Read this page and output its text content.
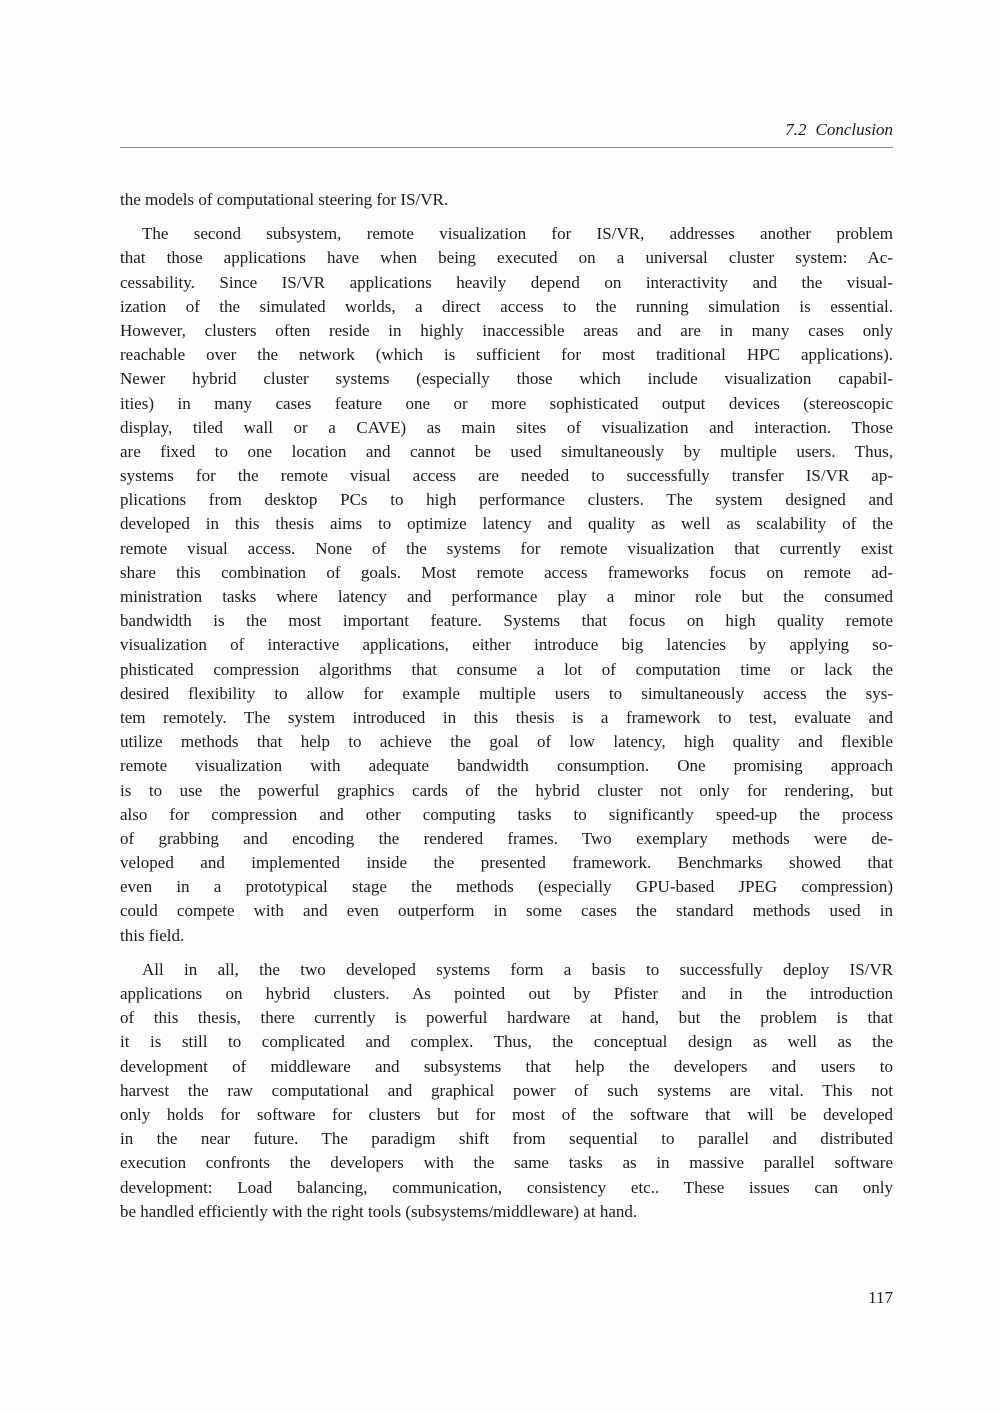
7.2 Conclusion
the models of computational steering for IS/VR.
The second subsystem, remote visualization for IS/VR, addresses another problem
that those applications have when being executed on a universal cluster system: Ac-
cessability. Since IS/VR applications heavily depend on interactivity and the visual-
ization of the simulated worlds, a direct access to the running simulation is essential.
However, clusters often reside in highly inaccessible areas and are in many cases only
reachable over the network (which is sufficient for most traditional HPC applications).
Newer hybrid cluster systems (especially those which include visualization capabil-
ities) in many cases feature one or more sophisticated output devices (stereoscopic
display, tiled wall or a CAVE) as main sites of visualization and interaction. Those
are fixed to one location and cannot be used simultaneously by multiple users. Thus,
systems for the remote visual access are needed to successfully transfer IS/VR ap-
plications from desktop PCs to high performance clusters. The system designed and
developed in this thesis aims to optimize latency and quality as well as scalability of the
remote visual access. None of the systems for remote visualization that currently exist
share this combination of goals. Most remote access frameworks focus on remote ad-
ministration tasks where latency and performance play a minor role but the consumed
bandwidth is the most important feature. Systems that focus on high quality remote
visualization of interactive applications, either introduce big latencies by applying so-
phisticated compression algorithms that consume a lot of computation time or lack the
desired flexibility to allow for example multiple users to simultaneously access the sys-
tem remotely. The system introduced in this thesis is a framework to test, evaluate and
utilize methods that help to achieve the goal of low latency, high quality and flexible
remote visualization with adequate bandwidth consumption. One promising approach
is to use the powerful graphics cards of the hybrid cluster not only for rendering, but
also for compression and other computing tasks to significantly speed-up the process
of grabbing and encoding the rendered frames. Two exemplary methods were de-
veloped and implemented inside the presented framework. Benchmarks showed that
even in a prototypical stage the methods (especially GPU-based JPEG compression)
could compete with and even outperform in some cases the standard methods used in
this field.
All in all, the two developed systems form a basis to successfully deploy IS/VR
applications on hybrid clusters. As pointed out by Pfister and in the introduction
of this thesis, there currently is powerful hardware at hand, but the problem is that
it is still to complicated and complex. Thus, the conceptual design as well as the
development of middleware and subsystems that help the developers and users to
harvest the raw computational and graphical power of such systems are vital. This not
only holds for software for clusters but for most of the software that will be developed
in the near future. The paradigm shift from sequential to parallel and distributed
execution confronts the developers with the same tasks as in massive parallel software
development: Load balancing, communication, consistency etc.. These issues can only
be handled efficiently with the right tools (subsystems/middleware) at hand.
117
